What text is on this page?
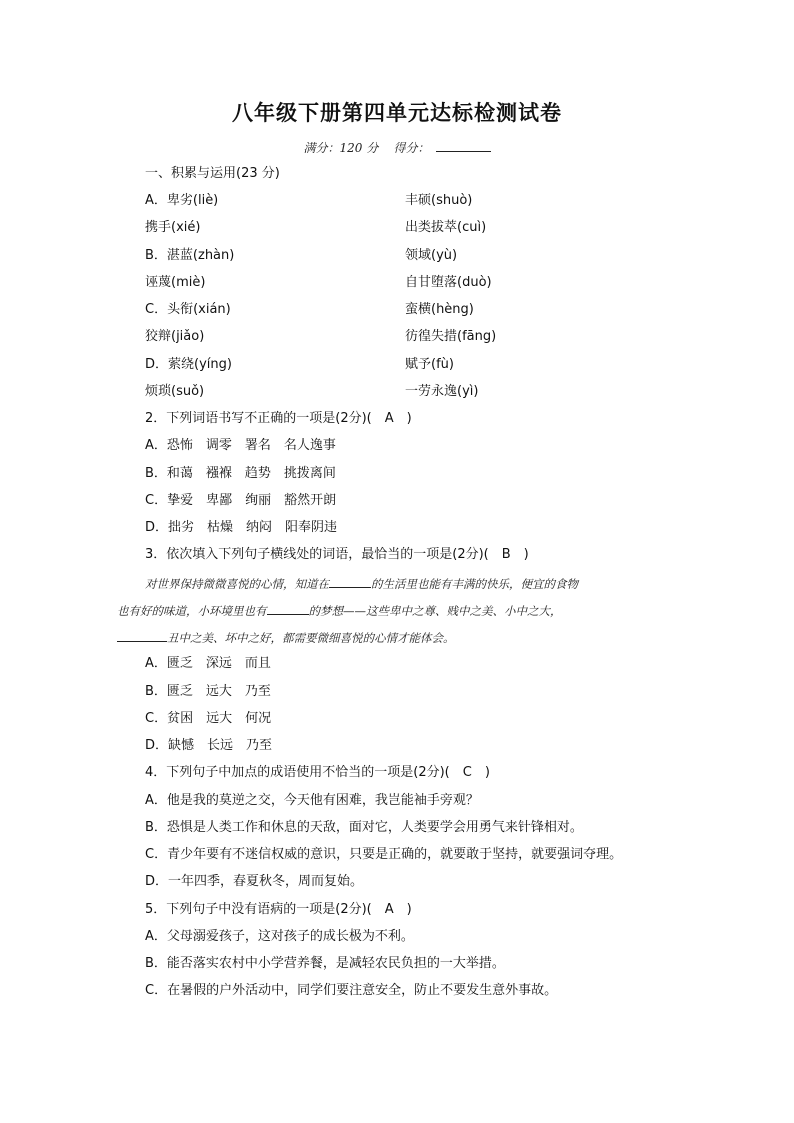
八年级下册第四单元达标检测试卷
满分：120 分 得分：
一、积累与运用(23 分)
A．卑劣(liè)	丰硕(shuò)
携手(xié)	出类拔萃(cuì)
B．湛蓝(zhàn)	领域(yù)
诬蔑(miè)	自甘堕落(duò)
C．头衔(xián)	蛮横(hèng)
狡辩(jiǎo)	彷徨失措(fāng)
D．萦绕(yíng)	赋予(fù)
烦琐(suǒ)	一劳永逸(yì)
2．下列词语书写不正确的一项是(2分)(　A　)
A．恐怖　调零　署名　名人逸事
B．和蔼　襁褓　趋势　挑拨离间
C．挚爱　卑鄙　绚丽　豁然开朗
D．拙劣　枯燥　纳闷　阳奉阴违
3．依次填入下列句子横线处的词语，最恰当的一项是(2分)(　B　)
对世界保持微微喜悦的心情，知道在	的生活里也能有丰满的快乐，便宜的食物
也有好的味道，小环境里也有	的梦想——这些卑中之尊、贱中之美、小中之大，
丑中之美、坏中之好，都需要微细喜悦的心情才能体会。
A．匮乏　深远　而且
B．匮乏　远大　乃至
C．贫困　远大　何况
D．缺憾　长远　乃至
4．下列句子中加点的成语使用不恰当的一项是(2分)(　C　)
A．他是我的莫逆之交，今天他有困难，我岂能袖手旁观？
B．恐惧是人类工作和休息的天敌，面对它，人类要学会用勇气来针锋相对。
C．青少年要有不迷信权威的意识，只要是正确的，就要敢于坚持，就要强词夺理。
D．一年四季，春夏秋冬，周而复始。
5．下列句子中没有语病的一项是(2分)(　A　)
A．父母溺爱孩子，这对孩子的成长极为不利。
B．能否落实农村中小学营养餐，是减轻农民负担的一大举措。
C．在暑假的户外活动中，同学们要注意安全，防止不要发生意外事故。
